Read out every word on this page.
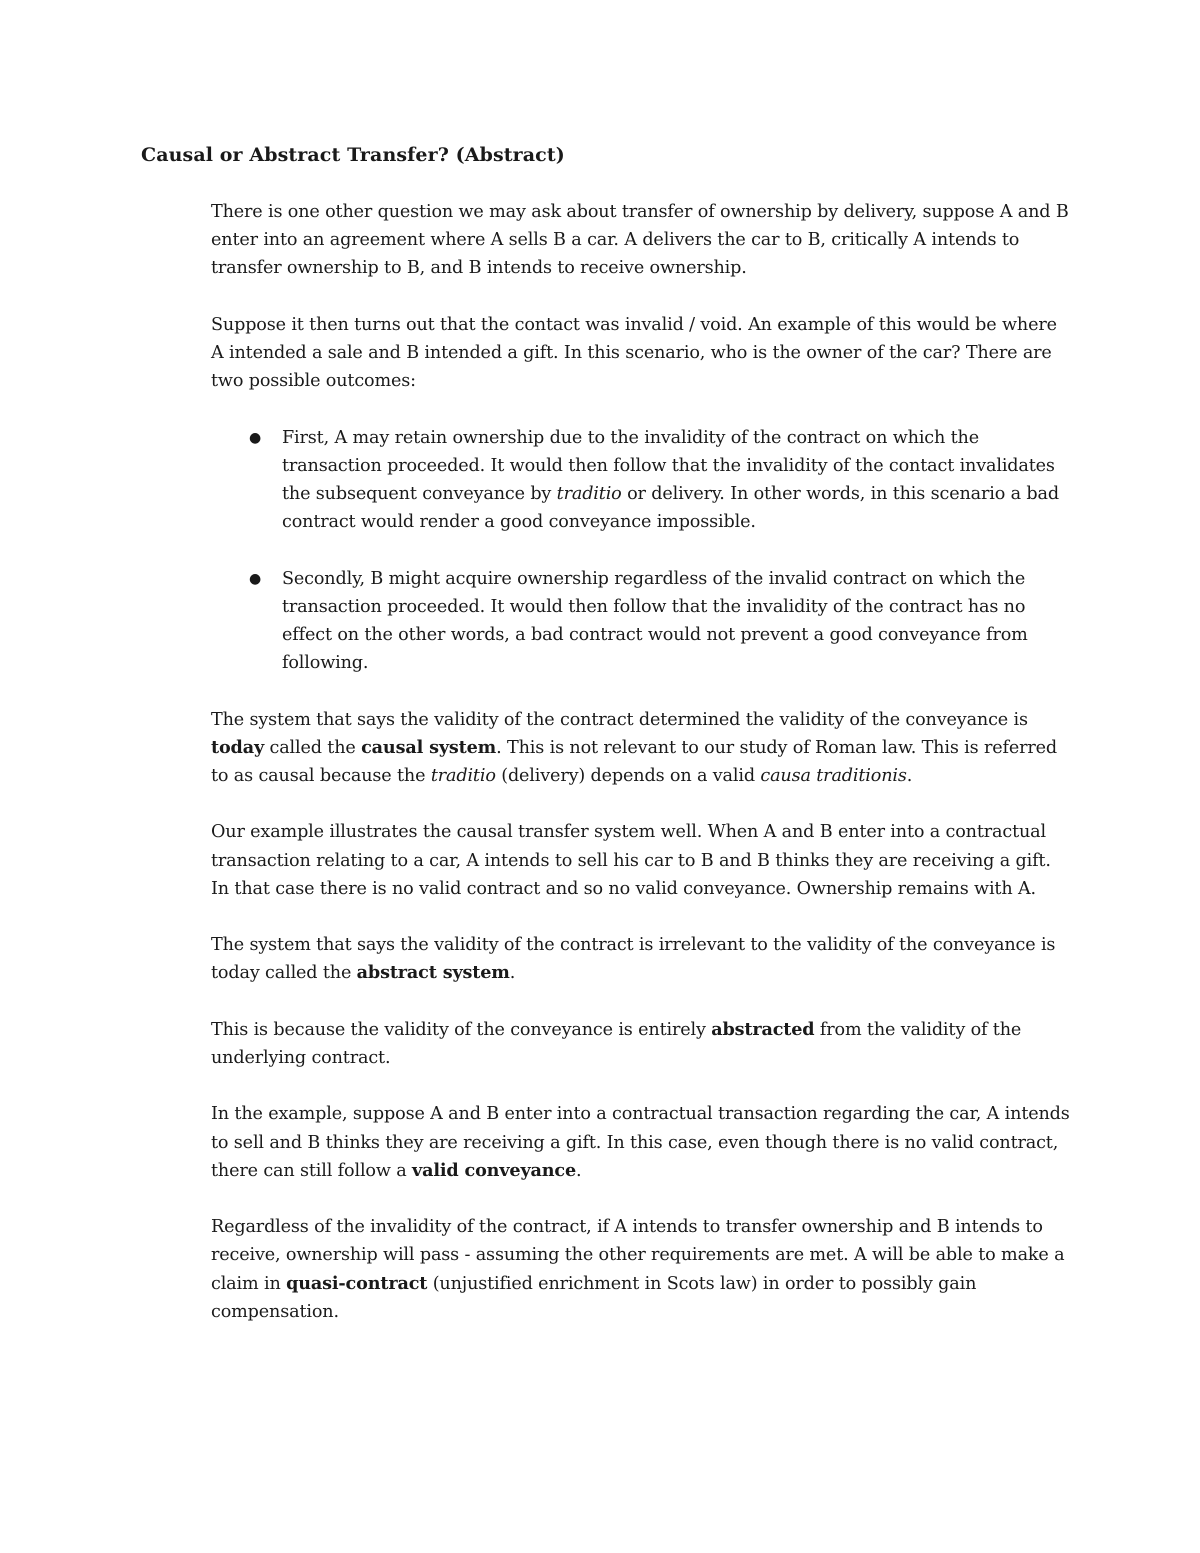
Causal or Abstract Transfer? (Abstract)

There is one other question we may ask about transfer of ownership by delivery, suppose A and B enter into an agreement where A sells B a car. A delivers the car to B, critically A intends to transfer ownership to B, and B intends to receive ownership.

Suppose it then turns out that the contact was invalid / void. An example of this would be where A intended a sale and B intended a gift. In this scenario, who is the owner of the car? There are two possible outcomes:

● First, A may retain ownership due to the invalidity of the contract on which the transaction proceeded. It would then follow that the invalidity of the contact invalidates the subsequent conveyance by traditio or delivery. In other words, in this scenario a bad contract would render a good conveyance impossible.
● Secondly, B might acquire ownership regardless of the invalid contract on which the transaction proceeded. It would then follow that the invalidity of the contract has no effect on the other words, a bad contract would not prevent a good conveyance from following.

The system that says the validity of the contract determined the validity of the conveyance is today called the causal system. This is not relevant to our study of Roman law. This is referred to as causal because the traditio (delivery) depends on a valid causa traditionis.

Our example illustrates the causal transfer system well. When A and B enter into a contractual transaction relating to a car, A intends to sell his car to B and B thinks they are receiving a gift. In that case there is no valid contract and so no valid conveyance. Ownership remains with A.

The system that says the validity of the contract is irrelevant to the validity of the conveyance is today called the abstract system.

This is because the validity of the conveyance is entirely abstracted from the validity of the underlying contract.

In the example, suppose A and B enter into a contractual transaction regarding the car, A intends to sell and B thinks they are receiving a gift. In this case, even though there is no valid contract, there can still follow a valid conveyance.

Regardless of the invalidity of the contract, if A intends to transfer ownership and B intends to receive, ownership will pass - assuming the other requirements are met. A will be able to make a claim in quasi-contract (unjustified enrichment in Scots law) in order to possibly gain compensation.
